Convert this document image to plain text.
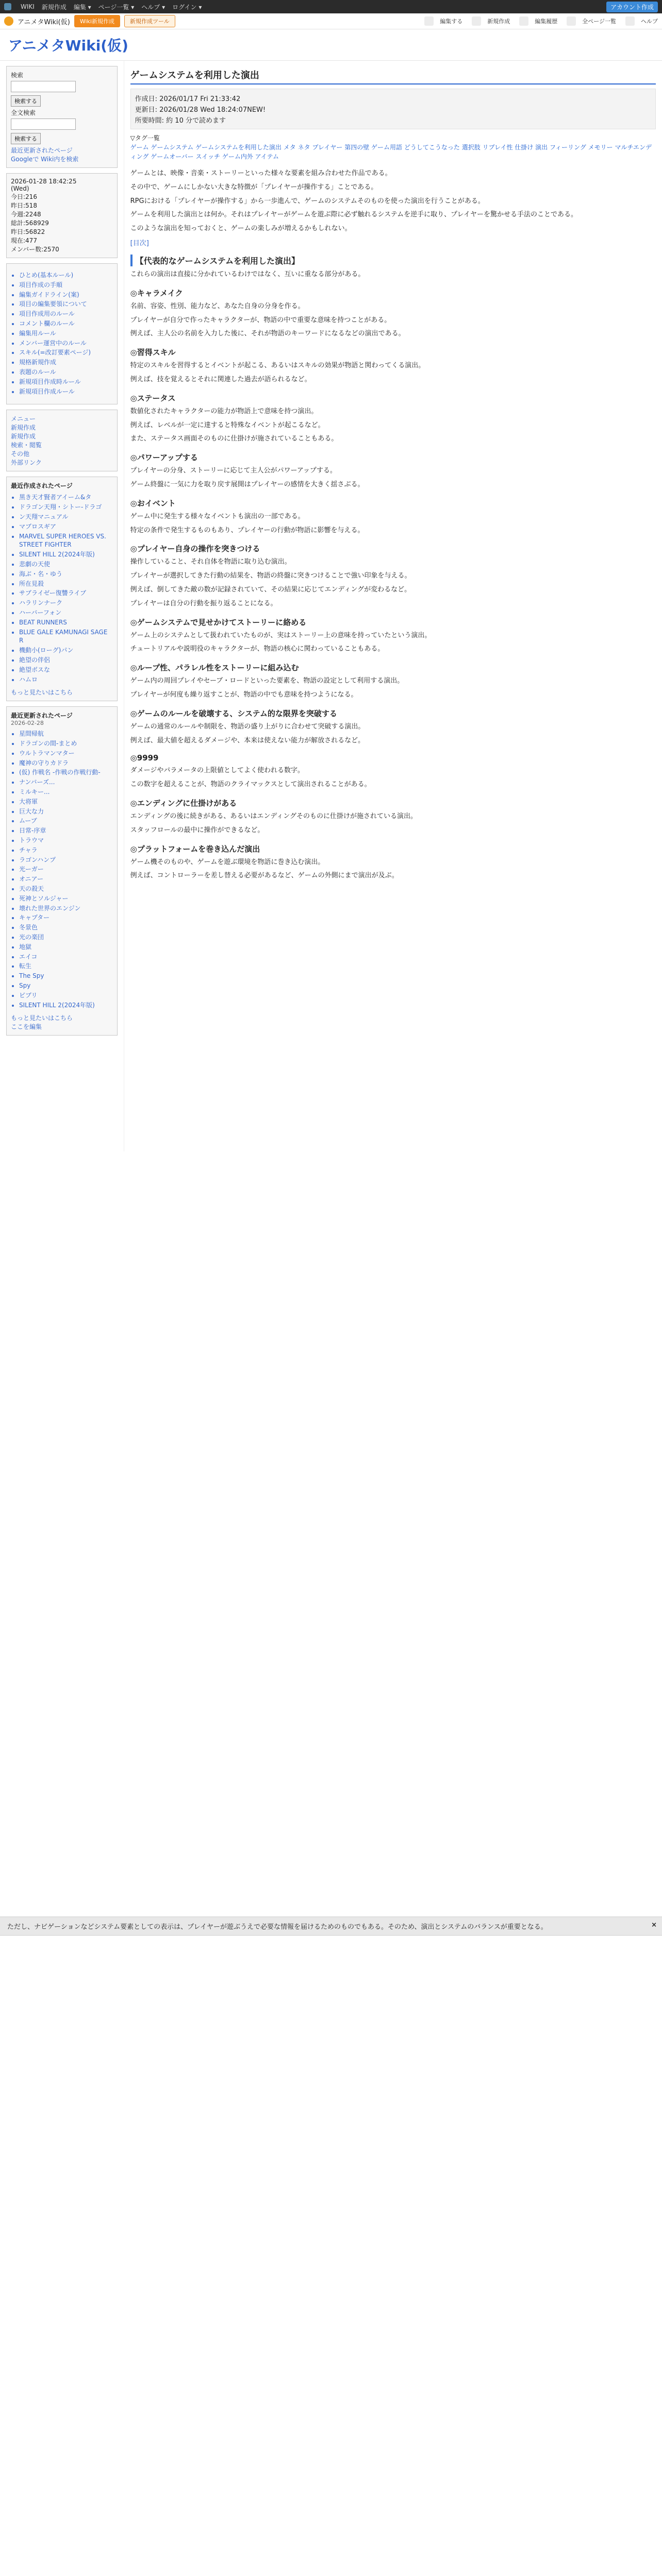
WIKI 新規作成 編集 ▾ ページ一覧 ▾ ヘルプ ▾ ログイン ▾	アカウント作成
アニメタWiki(仮)	Wiki新規作成	新規作成ツール	編集する	新規作成	編集履歴	全ページ一覧	ヘルプ
アニメタWiki(仮)
検索
検索する
全文検索
検索する
最近更新されたページ
Googleで Wiki内を検索
2026-01-28 18:42:25
(Wed)
今日:216
昨日:518
今週:2248
総計:568929
昨日:56822
現在:477
メンバー数:2570
• ひとめ(基本ルール)
• 項目作成の手順
• 編集ガイドライン(案)
• 項目の編集要領について
• 項目作成用のルール
• コメント欄のルール
• 編集用ルール
• メンバー運営中のルール
• スキル(=改訂要素ページ)
• 規格新規作成
• 表題のルール
• 新規項目作成時ルール
• 新規項目作成ルール
メニュー
新規作成
新規作成
検索・閲覧
その他
外部リンク
最近作成されたページ
• 黒き天才賢者アイーム&タ
• ドラゴン天翔・シトー-ドラゴ
• ン天翔マニュアル
• マブロスギア
• MARVEL SUPER HEROES VS. STREET FIGHTER
• SILENT HILL 2(2024年版)
• 悲劇の天使
• 海ぶ・名・ゆう
• 所在見殺
• サブライゼー復讐ライブ
• ハラリンナーク
• ハーバーフォン
• BEAT RUNNERS
• BLUE GALE KAMUNAGI SAGE R
• 機動小(ローグ)パン
• 絶望の伴侶
• 絶望ボスな
• ハムロ
もっと見たいはこちら
最近更新されたページ
2026-02-28
• 星間帰航
• ドラゴンの間-まとめ
• ウルトラマンマター
• 魔神の守りカドラ
• (仮) 作戦名 -作戦の作戦行動-
• ナンバーズ...
• ミルキー...
• 大将軍
• 巨大な力
• ムーブ
• 日常-序章
• トラウマ
• チャラ
• ラゴンハンプ
• 光ーガー
• オニアー
• 天の殺天
• 死神とソルジャー
• 壊れた世界のエンジン
• キャプター
• 冬景色
• 光の楽団
• 地獄
• エイコ
• 転生
• The Spy
• Spy
• ビブリ
• SILENT HILL 2(2024年版)
もっと見たいはこちら
ここを編集
ゲームシステムを利用した演出
作成日: 2026/01/17 Fri 21:33:42
更新日: 2026/01/28 Wed 18:24:07NEW!
所要時間: 約 10 分で読めます
▽タグ一覧
ゲーム ゲームシステム ゲームシステムを利用した演出 メタ ネタ プレイヤー 第四の壁 ゲーム用語 どうしてこうなった 選択肢 リプレイ性 仕掛け 演出 フィーリング メモリー マルチエンディング ゲームオーバー スイッチ ゲーム内外 アイテム

ゲームとは、映像・音楽・ストーリーといった様々な要素を組み合わせた作品である。

その中で、ゲームにしかない大きな特徴が「プレイヤーが操作する」ことである。

RPGにおける「プレイヤーが操作する」から一歩進んで、ゲームのシステムそのものを使った演出を行うことがある。

ゲームを利用した演出とは何か。それはプレイヤーがゲームを遊ぶ際に必ず触れるシステムを逆手に取り、プレイヤーを驚かせる手法のことである。

このような演出を知っておくと、ゲームの楽しみが増えるかもしれない。

[目次]
【代表的なゲームシステムを利用した演出】

これらの演出は直接に分かれているわけではなく、互いに重なる部分がある。

◎キャラメイク

名前、容姿、性別、能力など、あなた自身の分身を作る。

プレイヤーが自分で作ったキャラクターが、物語の中で重要な意味を持つことがある。

例えば、主人公の名前を入力した後に、それが物語のキーワードになるなどの演出である。

◎習得スキル

特定のスキルを習得するとイベントが起こる、あるいはスキルの効果が物語と関わってくる演出。

例えば、技を覚えるとそれに関連した過去が語られるなど。

◎ステータス

数値化されたキャラクターの能力が物語上で意味を持つ演出。

例えば、レベルが一定に達すると特殊なイベントが起こるなど。

また、ステータス画面そのものに仕掛けが施されていることもある。

◎パワーアップする

プレイヤーの分身、ストーリーに応じて主人公がパワーアップする。

ゲーム終盤に一気に力を取り戻す展開はプレイヤーの感情を大きく揺さぶる。

◎おイベント

ゲーム中に発生する様々なイベントも演出の一部である。

特定の条件で発生するものもあり、プレイヤーの行動が物語に影響を与える。

◎プレイヤー自身の操作を突きつける

操作していること、それ自体を物語に取り込む演出。

プレイヤーが選択してきた行動の結果を、物語の終盤に突きつけることで強い印象を与える。

例えば、倒してきた敵の数が記録されていて、その結果に応じてエンディングが変わるなど。

プレイヤーは自分の行動を振り返ることになる。

◎ゲームシステムで見せかけてストーリーに絡める

ゲーム上のシステムとして扱われていたものが、実はストーリー上の意味を持っていたという演出。

チュートリアルや説明役のキャラクターが、物語の核心に関わっていることもある。

◎ループ性、パラレル性をストーリーに組み込む

ゲーム内の周回プレイやセーブ・ロードといった要素を、物語の設定として利用する演出。

プレイヤーが何度も繰り返すことが、物語の中でも意味を持つようになる。

◎ゲームのルールを破壊する、システム的な限界を突破する

ゲームの通常のルールや制限を、物語の盛り上がりに合わせて突破する演出。

例えば、最大値を超えるダメージや、本来は使えない能力が解放されるなど。

◎9999

ダメージやパラメータの上限値としてよく使われる数字。

この数字を超えることが、物語のクライマックスとして演出されることがある。

◎エンディングに仕掛けがある

エンディングの後に続きがある、あるいはエンディングそのものに仕掛けが施されている演出。

スタッフロールの最中に操作ができるなど。

◎プラットフォームを巻き込んだ演出

ゲーム機そのものや、ゲームを遊ぶ環境を物語に巻き込む演出。

例えば、コントローラーを差し替える必要があるなど、ゲームの外側にまで演出が及ぶ。

ただし、ナビゲーションなどシステム要素としての表示は、プレイヤーが遊ぶうえで必要な情報を届けるためのものでもある。そのため、演出とシステムのバランスが重要となる。	×
